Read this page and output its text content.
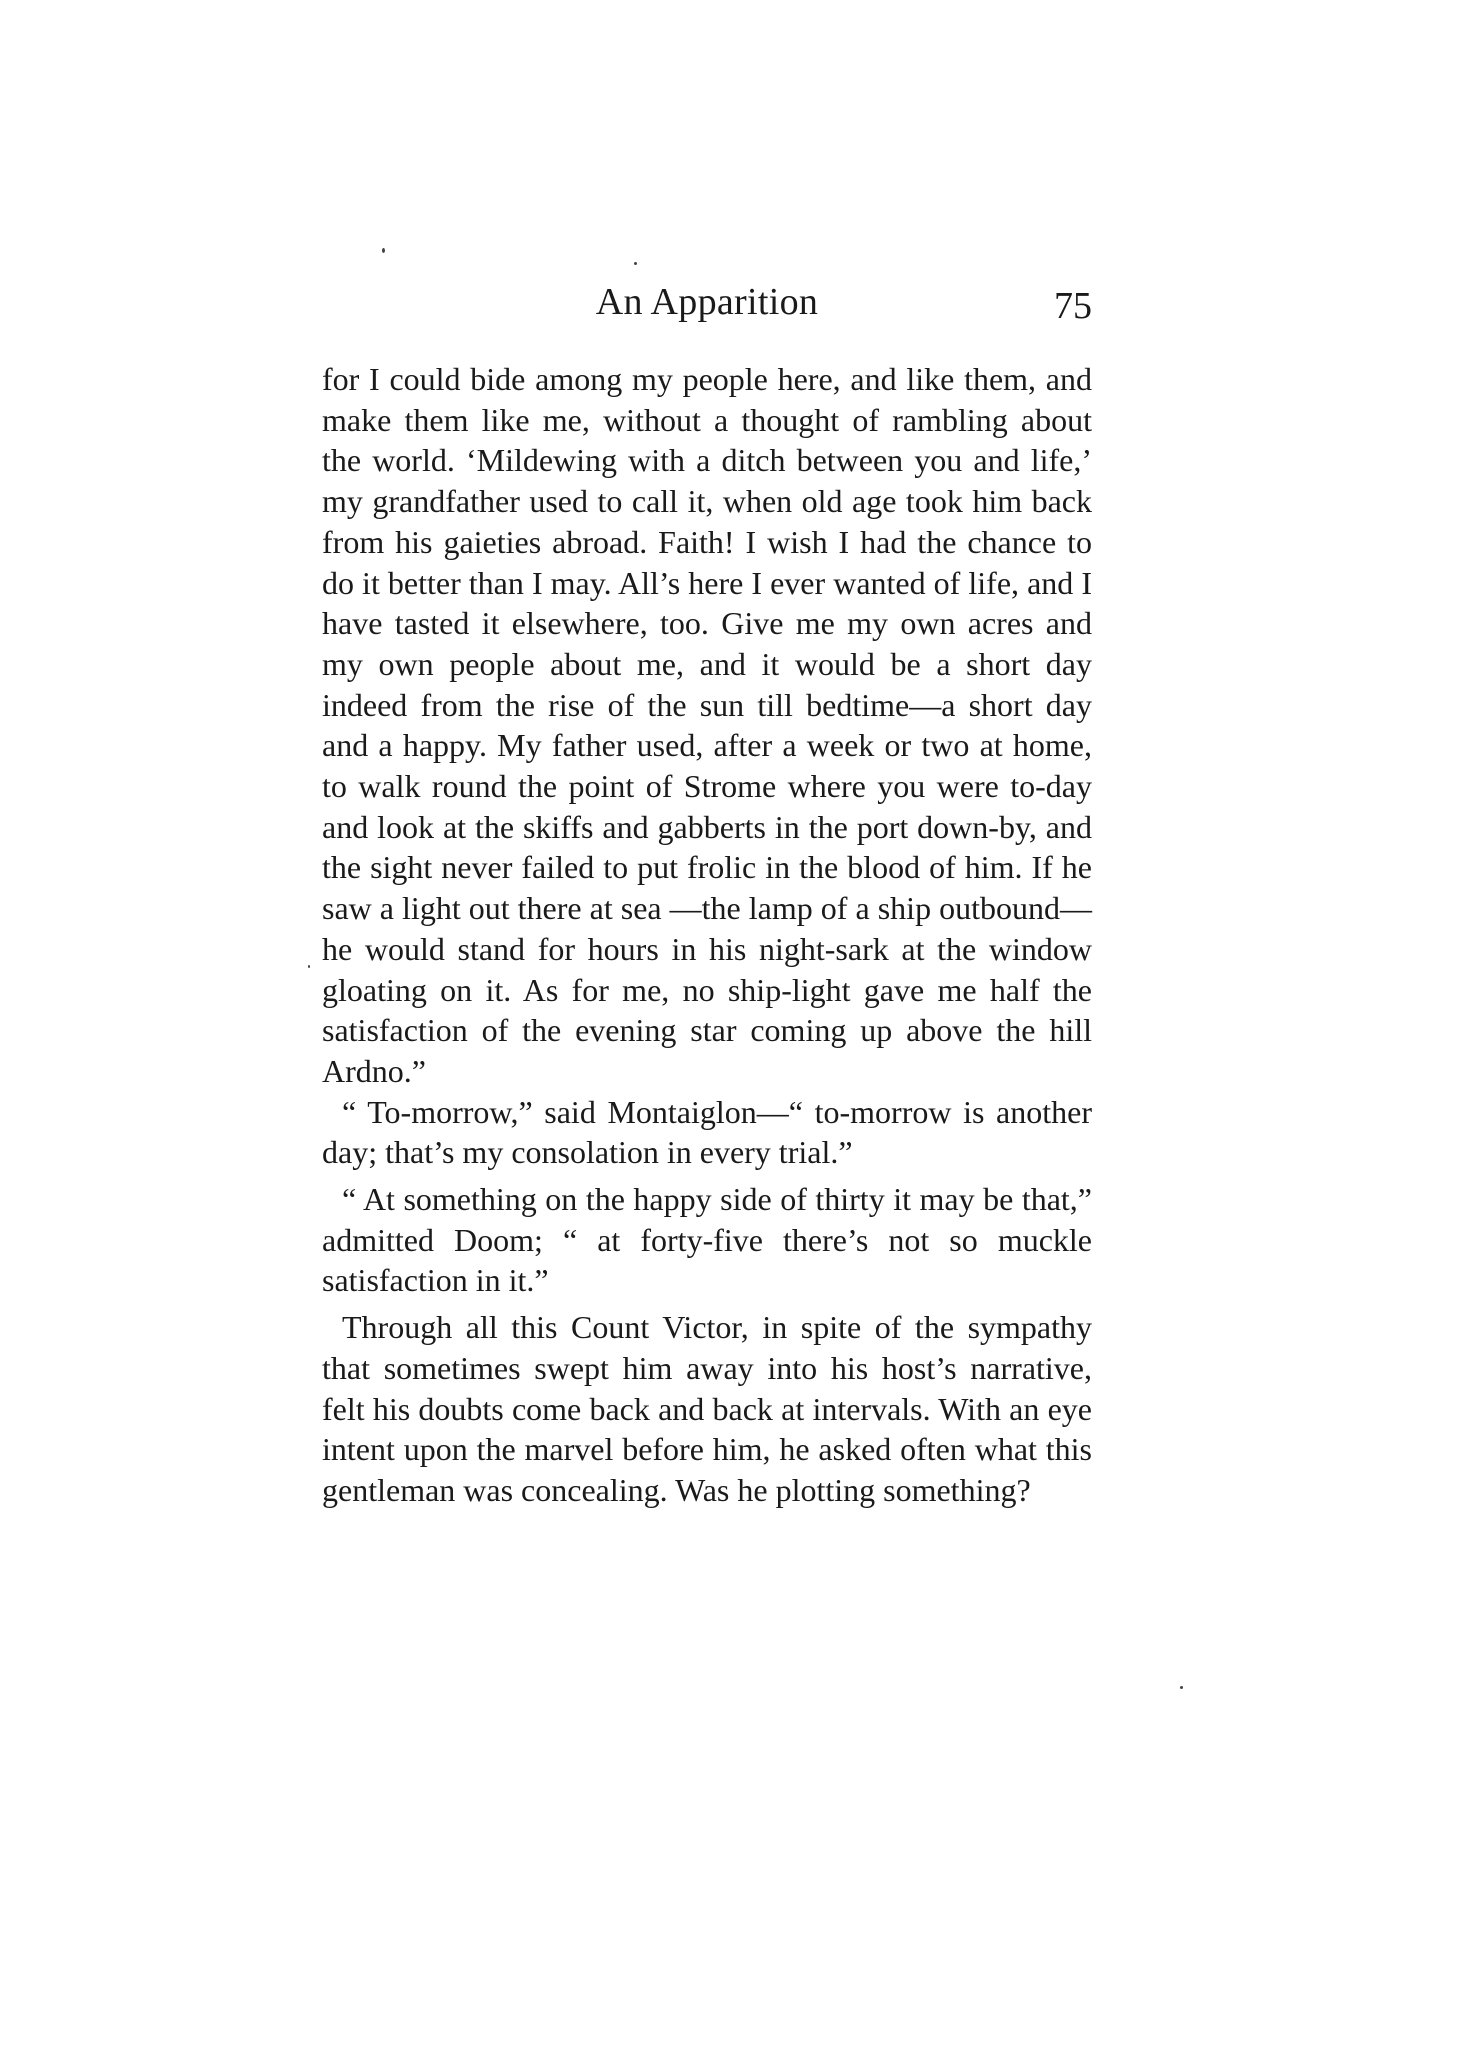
An Apparition	75

for I could bide among my people here, and like them, and make them like me, without a thought of rambling about the world. ‘Mildewing with a ditch between you and life,’ my grandfather used to call it, when old age took him back from his gaieties abroad. Faith! I wish I had the chance to do it better than I may. All’s here I ever wanted of life, and I have tasted it elsewhere, too. Give me my own acres and my own people about me, and it would be a short day indeed from the rise of the sun till bedtime—a short day and a happy. My father used, after a week or two at home, to walk round the point of Strome where you were to-day and look at the skiffs and gabberts in the port down-by, and the sight never failed to put frolic in the blood of him. If he saw a light out there at sea —the lamp of a ship outbound—he would stand for hours in his night-sark at the window gloating on it. As for me, no ship-light gave me half the satisfaction of the evening star coming up above the hill Ardno.”

“ To-morrow,” said Montaiglon—“ to-morrow is another day; that’s my consolation in every trial.”

“ At something on the happy side of thirty it may be that,” admitted Doom; “ at forty-five there’s not so muckle satisfaction in it.”

Through all this Count Victor, in spite of the sympathy that sometimes swept him away into his host’s narrative, felt his doubts come back and back at intervals. With an eye intent upon the marvel before him, he asked often what this gentleman was concealing. Was he plotting something?
